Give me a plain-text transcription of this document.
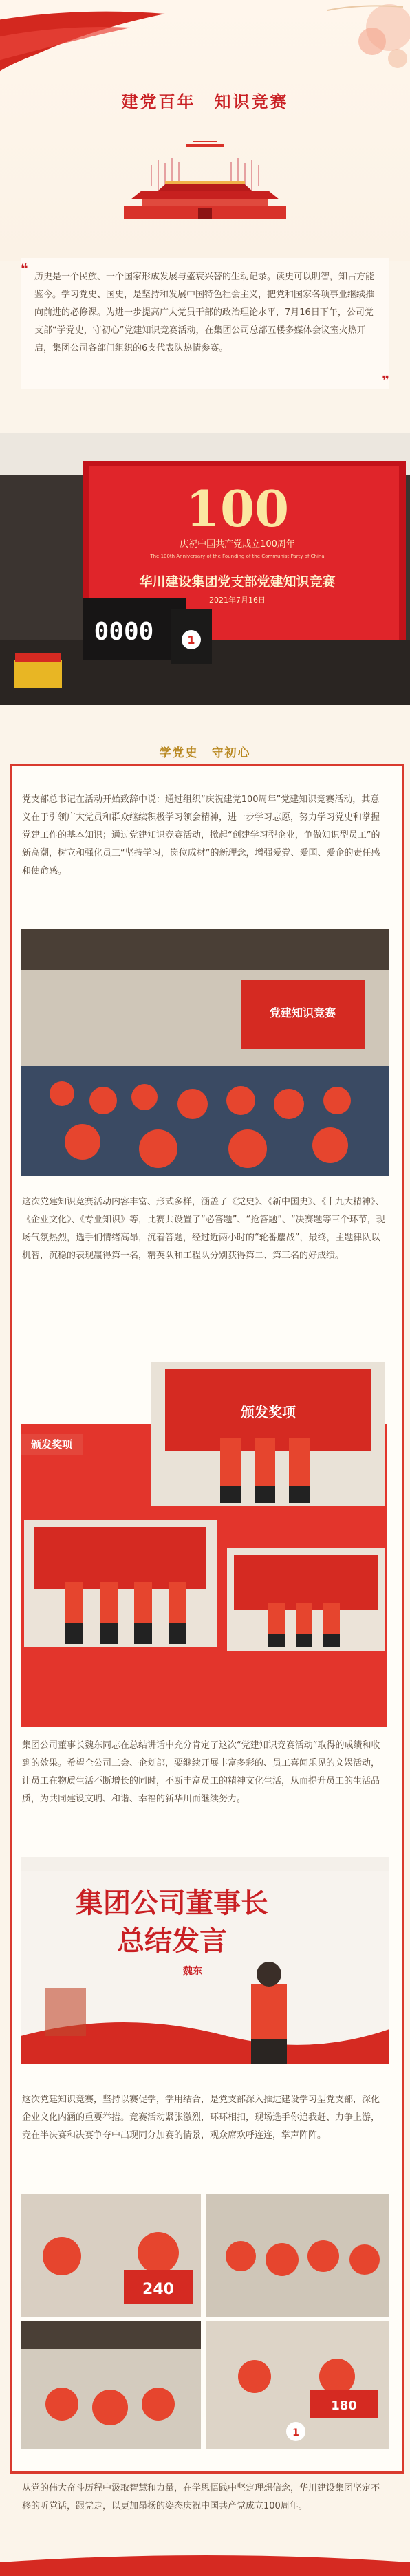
建党百年　知识竞赛
❝
历史是一个民族、一个国家形成发展与盛衰兴替的生动记录。读史可以明智，知古方能鉴今。学习党史、国史，是坚持和发展中国特色社会主义，把党和国家各项事业继续推向前进的必修课。为进一步提高广大党员干部的政治理论水平，7月16日下午，公司党支部“学党史，守初心”党建知识竞赛活动，在集团公司总部五楼多媒体会议室火热开启，集团公司各部门组织的6支代表队热情参赛。
❞
100
庆祝中国共产党成立100周年
The 100th Anniversary of the Founding of the Communist Party of China
华川建设集团党支部党建知识竞赛
2021年7月16日
0000	1
学党史　守初心
党支部总书记在活动开始致辞中说：通过组织“庆祝建党100周年”党建知识竞赛活动，其意义在于引领广大党员和群众继续积极学习领会精神，进一步学习志愿，努力学习党史和掌握党建工作的基本知识；通过党建知识竞赛活动，掀起“创建学习型企业，争做知识型员工”的新高潮，树立和强化员工“坚持学习，岗位成材”的新理念，增强爱党、爱国、爱企的责任感和使命感。
党建知识竞赛
这次党建知识竞赛活动内容丰富、形式多样，涵盖了《党史》、《新中国史》、《十九大精神》、《企业文化》、《专业知识》等，比赛共设置了“必答题”、“抢答题”、“决赛题等三个环节，现场气氛热烈，选手们情绪高昂，沉着答题，经过近两小时的“轮番鏖战”，最终，主题律队以机智，沉稳的表现赢得第一名，精英队和工程队分别获得第二、第三名的好成绩。
颁发奖项
颁发奖项
集团公司董事长魏东同志在总结讲话中充分肯定了这次“党建知识竞赛活动”取得的成绩和收到的效果。希望全公司工会、企划部，要继续开展丰富多彩的、员工喜闻乐见的文娱活动，让员工在物质生活不断增长的同时，不断丰富员工的精神文化生活，从而提升员工的生活品质，为共同建设文明、和谐、幸福的新华川而继续努力。
集团公司董事长
总结发言
魏东
这次党建知识竞赛，坚持以赛促学，学用结合，是党支部深入推进建设学习型党支部，深化企业文化内涵的重要举措。竞赛活动紧张激烈，环环相扣，现场选手你追我赶、力争上游，竞在半决赛和决赛争夺中出现同分加赛的情景，观众席欢呼连连，掌声阵阵。
240
180
1
从党的伟大奋斗历程中汲取智慧和力量，在学思悟践中坚定理想信念，华川建设集团坚定不移的听党话，跟党走，以更加昂扬的姿态庆祝中国共产党成立100周年。
